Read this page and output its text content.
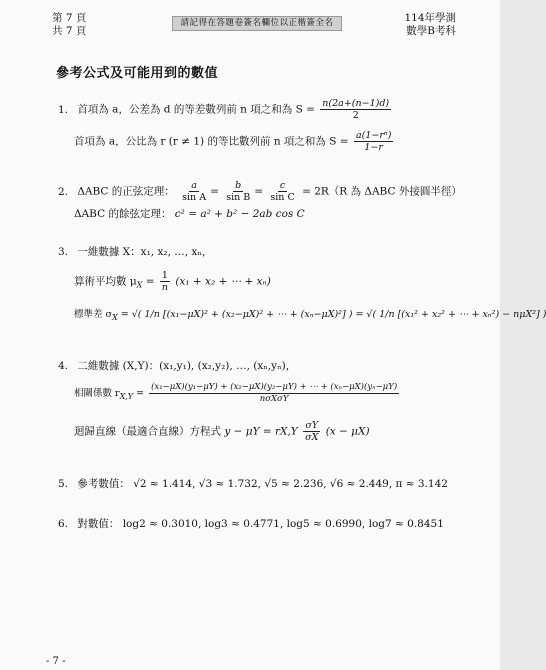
第 7 頁
共 7 頁
請記得在答題卷簽名欄位以正楷簽全名	114年學測
數學B考科
參考公式及可能用到的數值
1. 首項為 a，公差為 d 的等差數列前 n 項之和為 $S = \frac{n(2a+(n-1)d)}{2}$
首項為 a，公比為 r (r ≠ 1) 的等比數列前 n 項之和為 $S = \frac{\text{a(1−rⁿ)}}{1-r}$
2. ΔABC 的正弦定理： $\frac{a}{\text{sin A}} = \frac{b}{\text{sin B}} = \frac{c}{\text{sin C}} = 2R(R$ 為 ΔABC 外接圓半徑）
ΔABC 的餘弦定理： c² = a² + b² − 2ab cos C
3. 一維數據 X：x₁, x₂, …, xₙ，
算術平均數 $\mu_X = \frac{1}{n} (x_1 + x_2$ + ⋯ + xₙ)
標準差 $\sigma_X$ = √( 1/n [(x₁−μX)² + (x₂−μX)² + ⋯ + (xₙ−μX)²] ) = √( 1/n [(x₁² + x₂² + ⋯ + xₙ²) − nμX²] )
4. 二維數據 (X,Y)：(x₁,y₁), (x₂,y₂), …, (xₙ,yₙ)，
相關係數 $r_{X,Y} = \frac{\text{(x₁−μX)(y₁−μY) + (x₂−μX)(y₂−μY) + ⋯ + (xₙ−μX)(yₙ−μY)}}{\text{nσXσY}}$
迴歸直線（最適合直線）方程式 $y - \mu Y = rX,Y \frac{\sigma Y}{\sigma X} (x - \mu X)$
5. 參考數值： √2 ≈ 1.414, √3 ≈ 1.732, √5 ≈ 2.236, √6 ≈ 2.449, π ≈ 3.142
6. 對數值： log2 ≈ 0.3010, log3 ≈ 0.4771, log5 ≈ 0.6990, log7 ≈ 0.8451
- 7 -
